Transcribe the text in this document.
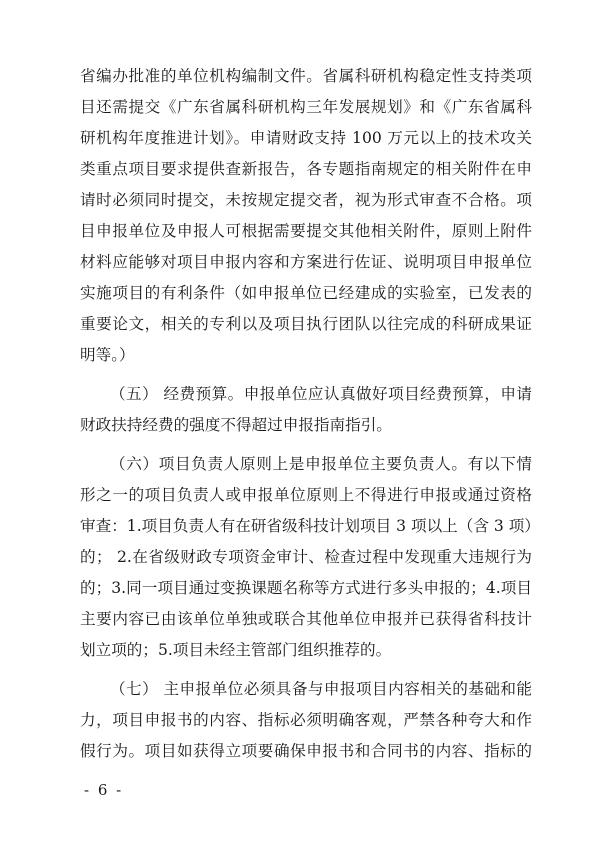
省编办批准的单位机构编制文件。省属科研机构稳定性支持类项
目还需提交《广东省属科研机构三年发展规划》和《广东省属科
研机构年度推进计划》。申请财政支持 100 万元以上的技术攻关
类重点项目要求提供查新报告，各专题指南规定的相关附件在申
请时必须同时提交，未按规定提交者，视为形式审查不合格。项
目申报单位及申报人可根据需要提交其他相关附件，原则上附件
材料应能够对项目申报内容和方案进行佐证、说明项目申报单位
实施项目的有利条件（如申报单位已经建成的实验室，已发表的
重要论文，相关的专利以及项目执行团队以往完成的科研成果证
明等。）
（五） 经费预算。申报单位应认真做好项目经费预算，申请
财政扶持经费的强度不得超过申报指南指引。
（六）项目负责人原则上是申报单位主要负责人。有以下情
形之一的项目负责人或申报单位原则上不得进行申报或通过资格
审查：1.项目负责人有在研省级科技计划项目 3 项以上（含 3 项）
的； 2.在省级财政专项资金审计、检查过程中发现重大违规行为
的；3.同一项目通过变换课题名称等方式进行多头申报的；4.项目
主要内容已由该单位单独或联合其他单位申报并已获得省科技计
划立项的；5.项目未经主管部门组织推荐的。
（七） 主申报单位必须具备与申报项目内容相关的基础和能
力，项目申报书的内容、指标必须明确客观，严禁各种夸大和作
假行为。项目如获得立项要确保申报书和合同书的内容、指标的
- 6 -
